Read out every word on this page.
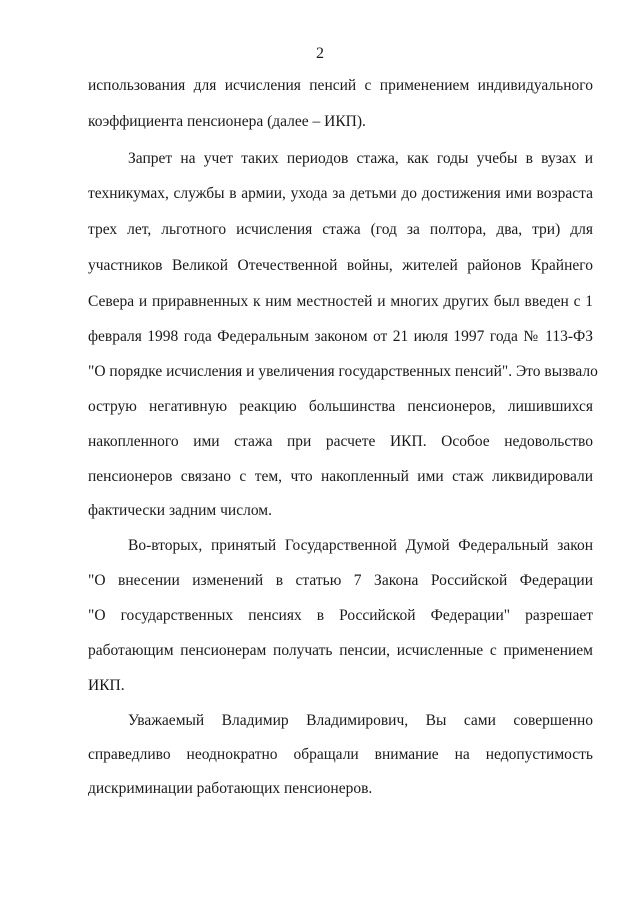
2
использования для исчисления пенсий с применением индивидуального
коэффициента пенсионера (далее – ИКП).
Запрет на учет таких периодов стажа, как годы учебы в вузах и
техникумах, службы в армии, ухода за детьми до достижения ими возраста
трех лет, льготного исчисления стажа (год за полтора, два, три) для
участников Великой Отечественной войны, жителей районов Крайнего
Севера и приравненных к ним местностей и многих других был введен с 1
февраля 1998 года Федеральным законом от 21 июля 1997 года № 113-ФЗ
"О порядке исчисления и увеличения государственных пенсий". Это вызвало
острую негативную реакцию большинства пенсионеров, лишившихся
накопленного ими стажа при расчете ИКП. Особое недовольство
пенсионеров связано с тем, что накопленный ими стаж ликвидировали
фактически задним числом.
Во-вторых, принятый Государственной Думой Федеральный закон
"О внесении изменений в статью 7 Закона Российской Федерации
"О государственных пенсиях в Российской Федерации" разрешает
работающим пенсионерам получать пенсии, исчисленные с применением
ИКП.
Уважаемый Владимир Владимирович, Вы сами совершенно
справедливо неоднократно обращали внимание на недопустимость
дискриминации работающих пенсионеров.
